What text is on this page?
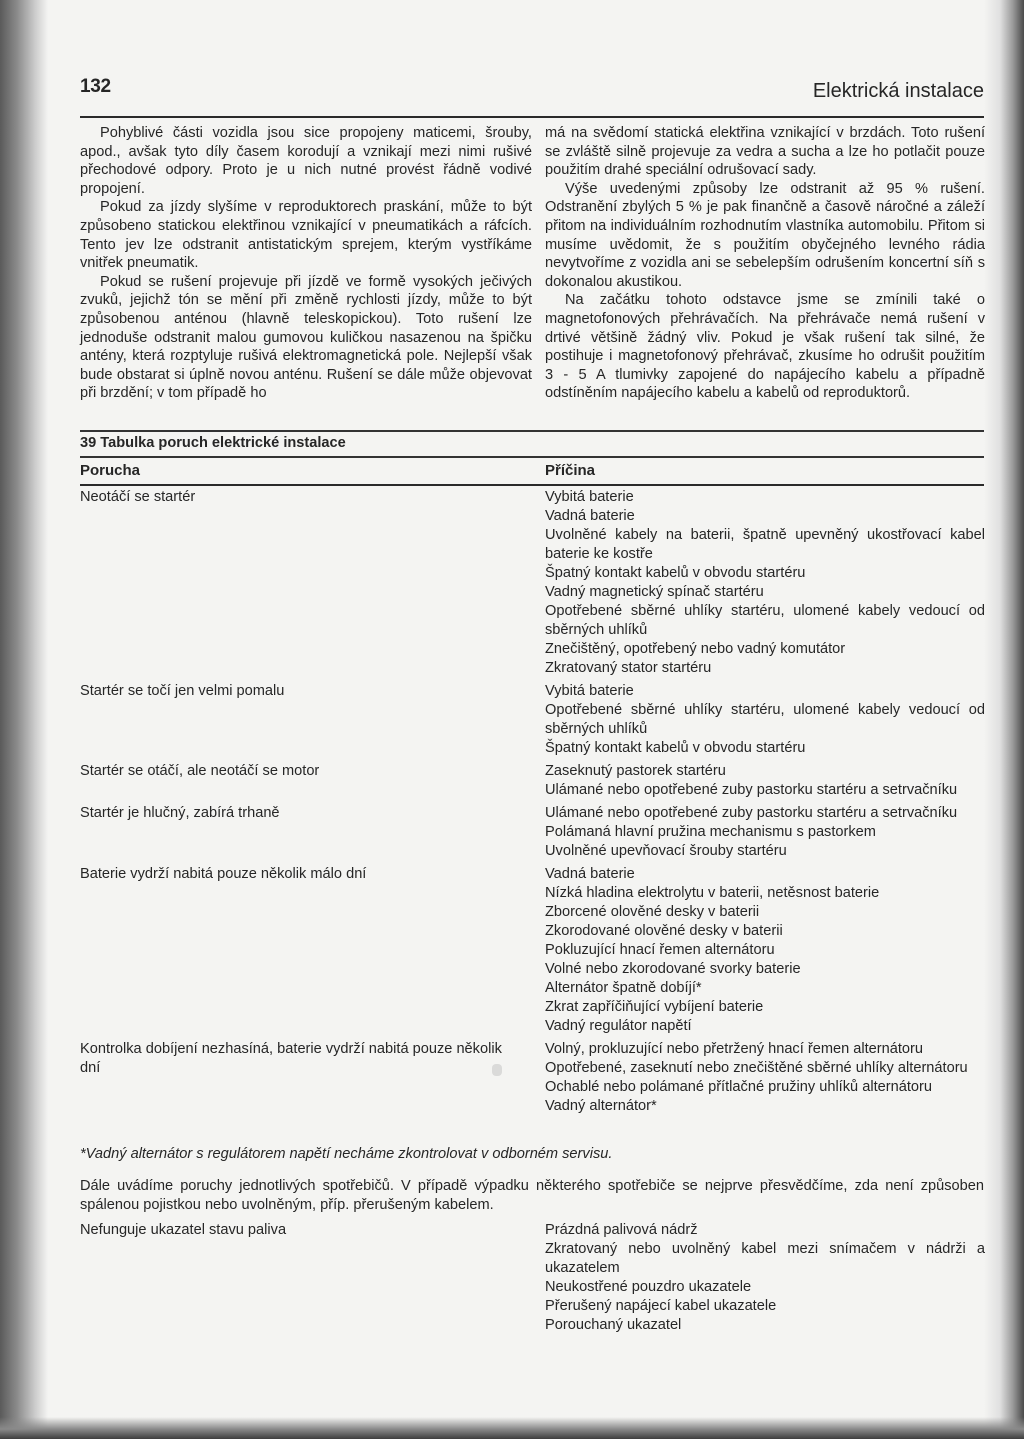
132	Elektrická instalace

Pohyblivé části vozidla jsou sice propojeny maticemi, šrouby, apod., avšak tyto díly časem korodují a vznikají mezi nimi rušivé přechodové odpory. Proto je u nich nutné provést řádně vodivé propojení.

Pokud za jízdy slyšíme v reproduktorech praskání, může to být způsobeno statickou elektřinou vznikající v pneumatikách a ráfcích. Tento jev lze odstranit antistatickým sprejem, kterým vystříkáme vnitřek pneumatik.

Pokud se rušení projevuje při jízdě ve formě vysokých ječivých zvuků, jejichž tón se mění při změně rychlosti jízdy, může to být způsobenou anténou (hlavně teleskopickou). Toto rušení lze jednoduše odstranit malou gumovou kuličkou nasazenou na špičku antény, která rozptyluje rušivá elektromagnetická pole. Nejlepší však bude obstarat si úplně novou anténu. Rušení se dále může objevovat při brzdění; v tom případě ho

má na svědomí statická elektřina vznikající v brzdách. Toto rušení se zvláště silně projevuje za vedra a sucha a lze ho potlačit pouze použitím drahé speciální odrušovací sady.

Výše uvedenými způsoby lze odstranit až 95 % rušení. Odstranění zbylých 5 % je pak finančně a časově náročné a záleží přitom na individuálním rozhodnutím vlastníka automobilu. Přitom si musíme uvědomit, že s použitím obyčejného levného rádia nevytvoříme z vozidla ani se sebelepším odrušením koncertní síň s dokonalou akustikou.

Na začátku tohoto odstavce jsme se zmínili také o magnetofonových přehrávačích. Na přehrávače nemá rušení v drtivé většině žádný vliv. Pokud je však rušení tak silné, že postihuje i magnetofonový přehrávač, zkusíme ho odrušit použitím 3 - 5 A tlumivky zapojené do napájecího kabelu a případně odstíněním napájecího kabelu a kabelů od reproduktorů.

39 Tabulka poruch elektrické instalace
Porucha	Příčina
Neotáčí se startér	Vybitá baterie
Vadná baterie
Uvolněné kabely na baterii, špatně upevněný ukostřovací kabel baterie ke kostře
Špatný kontakt kabelů v obvodu startéru
Vadný magnetický spínač startéru
Opotřebené sběrné uhlíky startéru, ulomené kabely vedoucí od sběrných uhlíků
Znečištěný, opotřebený nebo vadný komutátor
Zkratovaný stator startéru
Startér se točí jen velmi pomalu	Vybitá baterie
Opotřebené sběrné uhlíky startéru, ulomené kabely vedoucí od sběrných uhlíků
Špatný kontakt kabelů v obvodu startéru
Startér se otáčí, ale neotáčí se motor	Zaseknutý pastorek startéru
Ulámané nebo opotřebené zuby pastorku startéru a setrvačníku
Startér je hlučný, zabírá trhaně	Ulámané nebo opotřebené zuby pastorku startéru a setrvačníku
Polámaná hlavní pružina mechanismu s pastorkem
Uvolněné upevňovací šrouby startéru
Baterie vydrží nabitá pouze několik málo dní	Vadná baterie
Nízká hladina elektrolytu v baterii, netěsnost baterie
Zborcené olověné desky v baterii
Zkorodované olověné desky v baterii
Pokluzující hnací řemen alternátoru
Volné nebo zkorodované svorky baterie
Alternátor špatně dobíjí*
Zkrat zapříčiňující vybíjení baterie
Vadný regulátor napětí
Kontrolka dobíjení nezhasíná, baterie vydrží nabitá pouze několik dní
Volný, prokluzující nebo přetržený hnací řemen alternátoru
Opotřebené, zaseknutí nebo znečištěné sběrné uhlíky alternátoru
Ochablé nebo polámané přítlačné pružiny uhlíků alternátoru
Vadný alternátor*
*Vadný alternátor s regulátorem napětí necháme zkontrolovat v odborném servisu.
Dále uvádíme poruchy jednotlivých spotřebičů. V případě výpadku některého spotřebiče se nejprve přesvědčíme, zda není způsoben spálenou pojistkou nebo uvolněným, příp. přerušeným kabelem.
Nefunguje ukazatel stavu paliva	Prázdná palivová nádrž
Zkratovaný nebo uvolněný kabel mezi snímačem v nádrži a ukazatelem
Neukostřené pouzdro ukazatele
Přerušený napájecí kabel ukazatele
Porouchaný ukazatel
